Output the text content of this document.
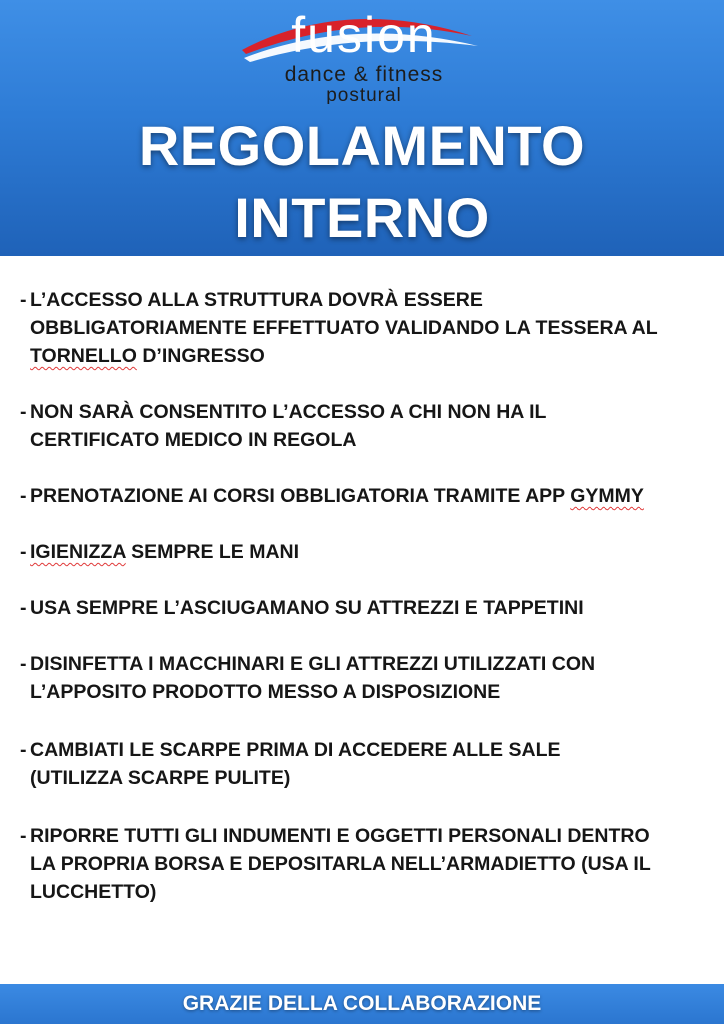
fusion
dance & fitness
postural
REGOLAMENTO
INTERNO
- L’ACCESSO ALLA STRUTTURA DOVRÀ ESSERE
OBBLIGATORIAMENTE EFFETTUATO VALIDANDO LA TESSERA AL
TORNELLO D’INGRESSO
- NON SARÀ CONSENTITO L’ACCESSO A CHI NON HA IL
CERTIFICATO MEDICO IN REGOLA
- PRENOTAZIONE AI CORSI OBBLIGATORIA TRAMITE APP GYMMY
- IGIENIZZA SEMPRE LE MANI
- USA SEMPRE L’ASCIUGAMANO SU ATTREZZI E TAPPETINI
- DISINFETTA I MACCHINARI E GLI ATTREZZI UTILIZZATI CON
L’APPOSITO PRODOTTO MESSO A DISPOSIZIONE
- CAMBIATI LE SCARPE PRIMA DI ACCEDERE ALLE SALE
(UTILIZZA SCARPE PULITE)
- RIPORRE TUTTI GLI INDUMENTI E OGGETTI PERSONALI DENTRO
LA PROPRIA BORSA E DEPOSITARLA NELL’ARMADIETTO (USA IL
LUCCHETTO)
GRAZIE DELLA COLLABORAZIONE
